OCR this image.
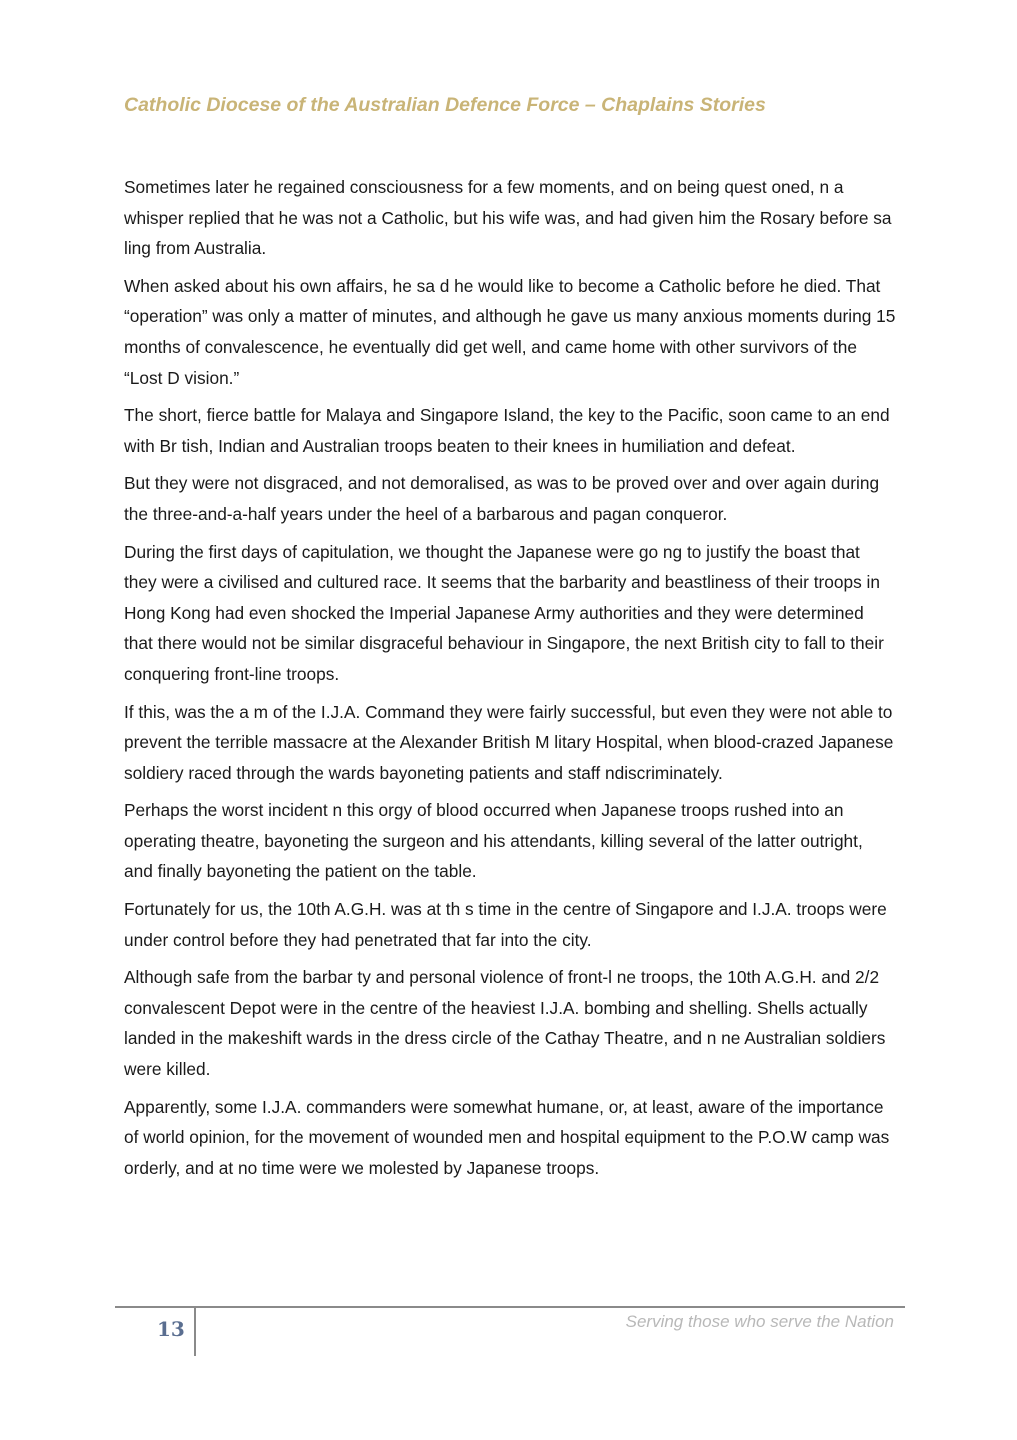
Catholic Diocese of the Australian Defence Force – Chaplains Stories

Sometimes later he regained consciousness for a few moments, and on being quest oned, n a whisper replied that he was not a Catholic, but his wife was, and had given him the Rosary before sa ling from Australia.

When asked about his own affairs, he sa d he would like to become a Catholic before he died. That “operation” was only a matter of minutes, and although he gave us many anxious moments during 15 months of convalescence, he eventually did get well, and came home with other survivors of the “Lost D vision.”

The short, fierce battle for Malaya and Singapore Island, the key to the Pacific, soon came to an end with Br tish, Indian and Australian troops beaten to their knees in humiliation and defeat.

But they were not disgraced, and not demoralised, as was to be proved over and over again during the three-and-a-half years under the heel of a barbarous and pagan conqueror.

During the first days of capitulation, we thought the Japanese were go ng to justify the boast that they were a civilised and cultured race. It seems that the barbarity and beastliness of their troops in Hong Kong had even shocked the Imperial Japanese Army authorities and they were determined that there would not be similar disgraceful behaviour in Singapore, the next British city to fall to their conquering front-line troops.

If this, was the a m of the I.J.A. Command they were fairly successful, but even they were not able to prevent the terrible massacre at the Alexander British M litary Hospital, when blood-crazed Japanese soldiery raced through the wards bayoneting patients and staff ndiscriminately.

Perhaps the worst incident n this orgy of blood occurred when Japanese troops rushed into an operating theatre, bayoneting the surgeon and his attendants, killing several of the latter outright, and finally bayoneting the patient on the table.

Fortunately for us, the 10th A.G.H. was at th s time in the centre of Singapore and I.J.A. troops were under control before they had penetrated that far into the city.

Although safe from the barbar ty and personal violence of front-l ne troops, the 10th A.G.H. and 2/2 convalescent Depot were in the centre of the heaviest I.J.A. bombing and shelling. Shells actually landed in the makeshift wards in the dress circle of the Cathay Theatre, and n ne Australian soldiers were killed.

Apparently, some I.J.A. commanders were somewhat humane, or, at least, aware of the importance of world opinion, for the movement of wounded men and hospital equipment to the P.O.W camp was orderly, and at no time were we molested by Japanese troops.

13	Serving those who serve the Nation
